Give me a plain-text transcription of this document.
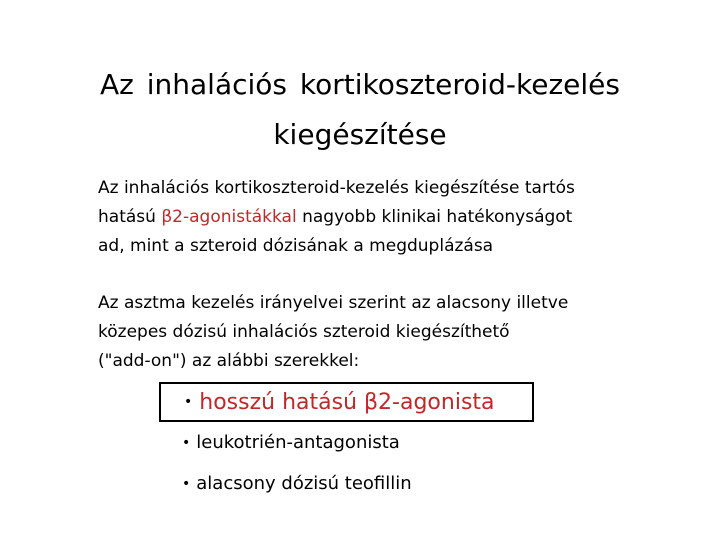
Az inhalációs kortikoszteroid-kezelés
kiegészítése

Az inhalációs kortikoszteroid-kezelés kiegészítése tartós
hatású β2-agonistákkal nagyobb klinikai hatékonyságot
ad, mint a szteroid dózisának a megduplázása

Az asztma kezelés irányelvei szerint az alacsony illetve
közepes dózisú inhalációs szteroid kiegészíthető
("add-on") az alábbi szerekkel:

• hosszú hatású β2-agonista
• leukotrién-antagonista
• alacsony dózisú teofillin
